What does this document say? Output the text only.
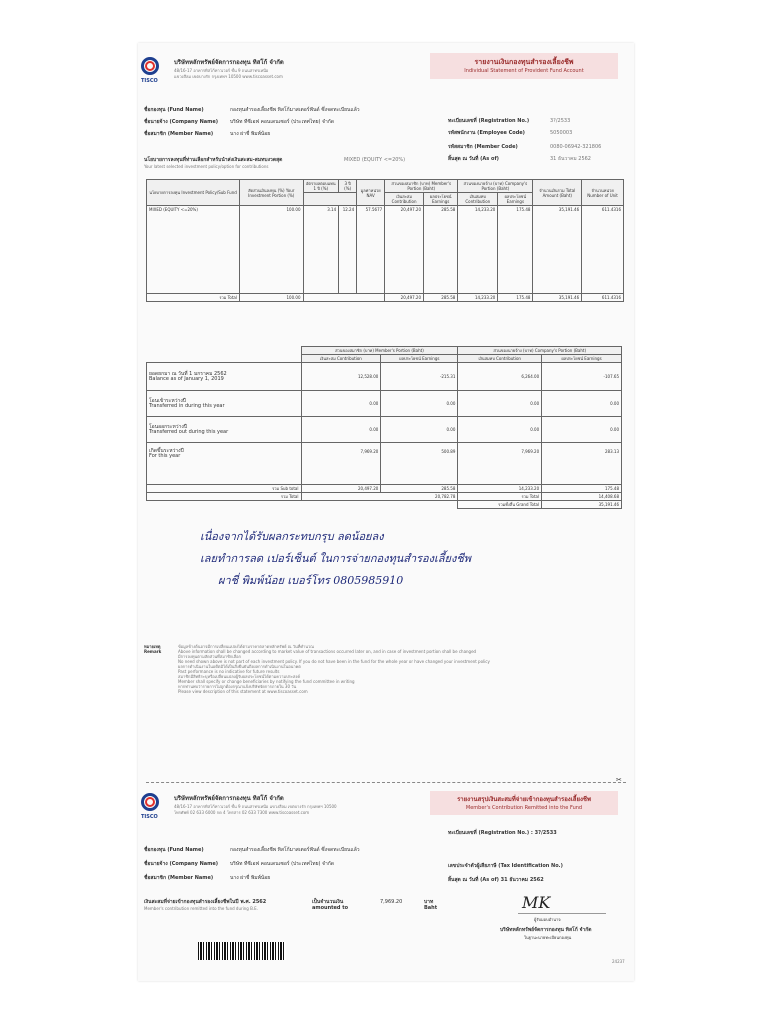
TISCO
บริษัทหลักทรัพย์จัดการกองทุน ทิสโก้ จำกัด
48/16-17 อาคารทิสโก้ทาวเวอร์ ชั้น 9 ถนนสาทรเหนือ
แขวงสีลม เขตบางรัก กรุงเทพฯ 10500 www.tiscoasset.com
รายงานเงินกองทุนสำรองเลี้ยงชีพ
Individual Statement of Provident Fund Account
ชื่อกองทุน (Fund Name)	กองทุนสำรองเลี้ยงชีพ ทิสโก้มาสเตอร์ฟันด์ ซึ่งจดทะเบียนแล้ว
ชื่อนายจ้าง (Company Name) บริษัท ทีซีเอฟ คอนเดนเซอร์ (ประเทศไทย) จำกัด
ชื่อสมาชิก (Member Name)	นาง ผ่าชี่ พิมพ์น้อย
ทะเบียนเลขที่ (Registration No.)	3?/2533
รหัสพนักงาน (Employee Code)	5050003
รหัสสมาชิก (Member Code)	0080-06942-321806
สิ้นสุด ณ วันที่ (As of)	31 ธันวาคม 2562
นโยบายการลงทุนที่ท่านเลือกสำหรับนำส่งเงินสะสม-สมทบงวดสุด	MIXED (EQUITY <=20%)
Your latest selected investment policy/option for contributions
นโยบายการลงทุน Investment Policy/Sub Fund	สัดส่วนเงินลงทุน (%) Your Investment Portion (%)	อัตราผลตอบแทน 1 ปี (%)	3 ปี (%)	มูลค่าหน่วย NAV	ส่วนของสมาชิก (บาท) Member's Portion (Baht)		ส่วนของนายจ้าง (บาท) Company's Portion (Baht)		จำนวนเงินรวม Total Amount (Baht)	จำนวนหน่วย Number of Unit
					เงินสะสม Contribution	ผลประโยชน์ Earnings	เงินสมทบ Contribution	ผลประโยชน์ Earnings		
MIXED (EQUITY <=20%)	100.00	3.14	12.24	57.5677	20,497.20	285.58	14,233.20	175.48	35,191.46	611.4316
รวม Total	100.00				20,497.20	285.58	14,233.20	175.48	35,191.46	611.4316
	ส่วนของสมาชิก (บาท) Member's Portion (Baht)		ส่วนของนายจ้าง (บาท) Company's Portion (Baht)	
	เงินสะสม Contribution	ผลประโยชน์ Earnings	เงินสมทบ Contribution	ผลประโยชน์ Earnings

ยอดยกมา ณ วันที่ 1 มกราคม 2562
Balance as of January 1, 2019	12,528.00	-215.31	6,264.00	-107.65

โอนเข้าระหว่างปี
Transferred in during this year	0.00	0.00	0.00	0.00

โอนออกระหว่างปี
Transferred out during this year	0.00	0.00	0.00	0.00

เกิดขึ้นระหว่างปี
For this year	7,969.20	500.89	7,969.20	283.13
รวม Sub total	20,497.20	285.58	14,233.20	175.48
รวม Total	20,782.78		รวม Total	14,408.68
			รวมทั้งสิ้น Grand Total	35,191.46
เนื่องจากได้รับผลกระทบกรุบ ลดน้อยลง
เลยทำการลด เปอร์เซ็นต์ ในการจ่ายกองทุนสำรองเลี้ยงชีพ
ผาชี่ พิมพ์น้อย เบอร์โทร 0805985910
หมายเหตุ Remark
ข้อมูลข้างต้นอาจมีการเปลี่ยนแปลงได้ตามราคาตลาดหลักทรัพย์ ณ วันที่คำนวณ
Above information shall be changed according to market value of transactions occurred later on, and in case of investment portion shall be changed
มีการลงทุนตามสัดส่วนที่สมาชิกเลือก
No need shown above is not part of each investment policy. If you do not have been in the fund for the whole year or have changed your investment policy
ผลการดำเนินงานในอดีตมิได้เป็นสิ่งยืนยันถึงผลการดำเนินงานในอนาคต
Past performance is no indicative for future results
สมาชิกมีสิทธิระบุหรือเปลี่ยนแปลงผู้รับผลประโยชน์ได้ตามความประสงค์
Member shall specify or change beneficiaries by notifying the fund committee in writing
หากท่านพบว่ารายการไม่ถูกต้องกรุณาแจ้งบริษัทจัดการภายใน 30 วัน
Please view description of this statement at www.tiscoasset.com
✂
TISCO
บริษัทหลักทรัพย์จัดการกองทุน ทิสโก้ จำกัด
48/16-17 อาคารทิสโก้ทาวเวอร์ ชั้น 9 ถนนสาทรเหนือ แขวงสีลม เขตบางรัก กรุงเทพฯ 10500
โทรศัพท์ 02 633 6000 กด 4 โทรสาร 02 633 7300 www.tiscoasset.com
รายงานสรุปเงินสะสมที่จ่ายเข้ากองทุนสำรองเลี้ยงชีพ
Member's Contribution Remitted into the Fund
ทะเบียนเลขที่ (Registration No.) : 3?/2533
ชื่อกองทุน (Fund Name)	กองทุนสำรองเลี้ยงชีพ ทิสโก้มาสเตอร์ฟันด์ ซึ่งจดทะเบียนแล้ว
ชื่อนายจ้าง (Company Name) บริษัท ทีซีเอฟ คอนเดนเซอร์ (ประเทศไทย) จำกัด
ชื่อสมาชิก (Member Name)	นาง ผ่าชี่ พิมพ์น้อย
เลขประจำตัวผู้เสียภาษี (Tax Identification No.)
สิ้นสุด ณ วันที่ (As of) 31 ธันวาคม 2562
เงินสะสมที่จ่ายเข้ากองทุนสำรองเลี้ยงชีพในปี พ.ศ. 2562
Member's contribution remitted into the fund during B.E.
เป็นจำนวนเงิน amounted to
7,969.20	บาท Baht	MK
ผู้รับมอบอำนาจ
บริษัทหลักทรัพย์จัดการกองทุน ทิสโก้ จำกัด
ในฐานะนายทะเบียนกองทุน
24237
